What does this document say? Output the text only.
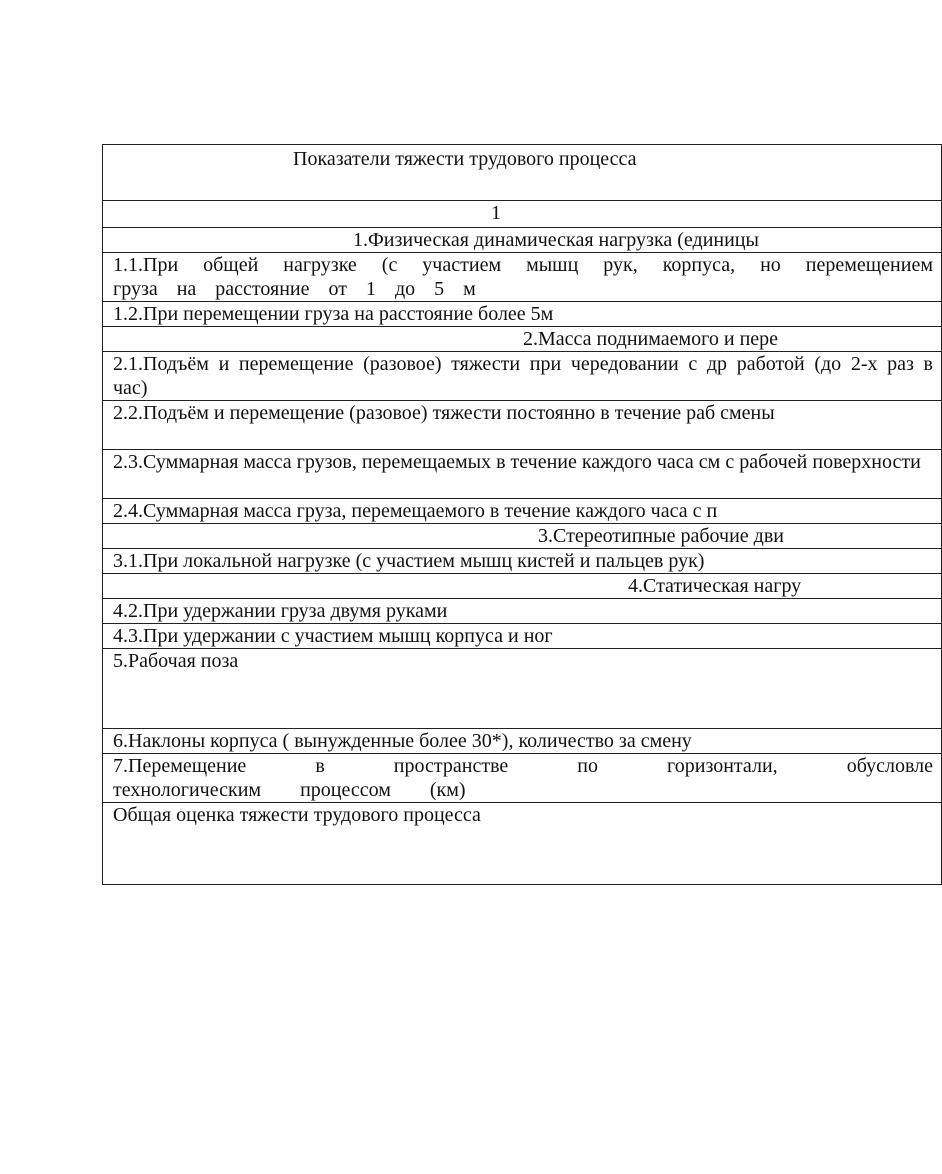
Показатели тяжести трудового процесса
1
1.Физическая динамическая нагрузка (единицы
1.1.При общей нагрузке (с участием мышц рук, корпуса, но перемещением груза на расстояние от 1 до 5 м
1.2.При перемещении груза на расстояние более 5м
2.Масса поднимаемого и пере
2.1.Подъём и перемещение (разовое) тяжести при чередовании с др работой (до 2-х раз в час)
2.2.Подъём и перемещение (разовое) тяжести постоянно в течение раб смены
2.3.Суммарная масса грузов, перемещаемых в течение каждого часа см с рабочей поверхности
2.4.Суммарная масса груза, перемещаемого в течение каждого часа с п
3.Стереотипные рабочие дви
3.1.При локальной нагрузке (с участием мышц кистей и пальцев рук)
4.Статическая нагру
4.2.При удержании груза двумя руками
4.3.При удержании с участием мышц корпуса и ног
5.Рабочая поза
6.Наклоны корпуса ( вынужденные более 30*), количество за смену
7.Перемещение в пространстве по горизонтали, обусловле технологическим процессом (км)
Общая оценка тяжести трудового процесса
